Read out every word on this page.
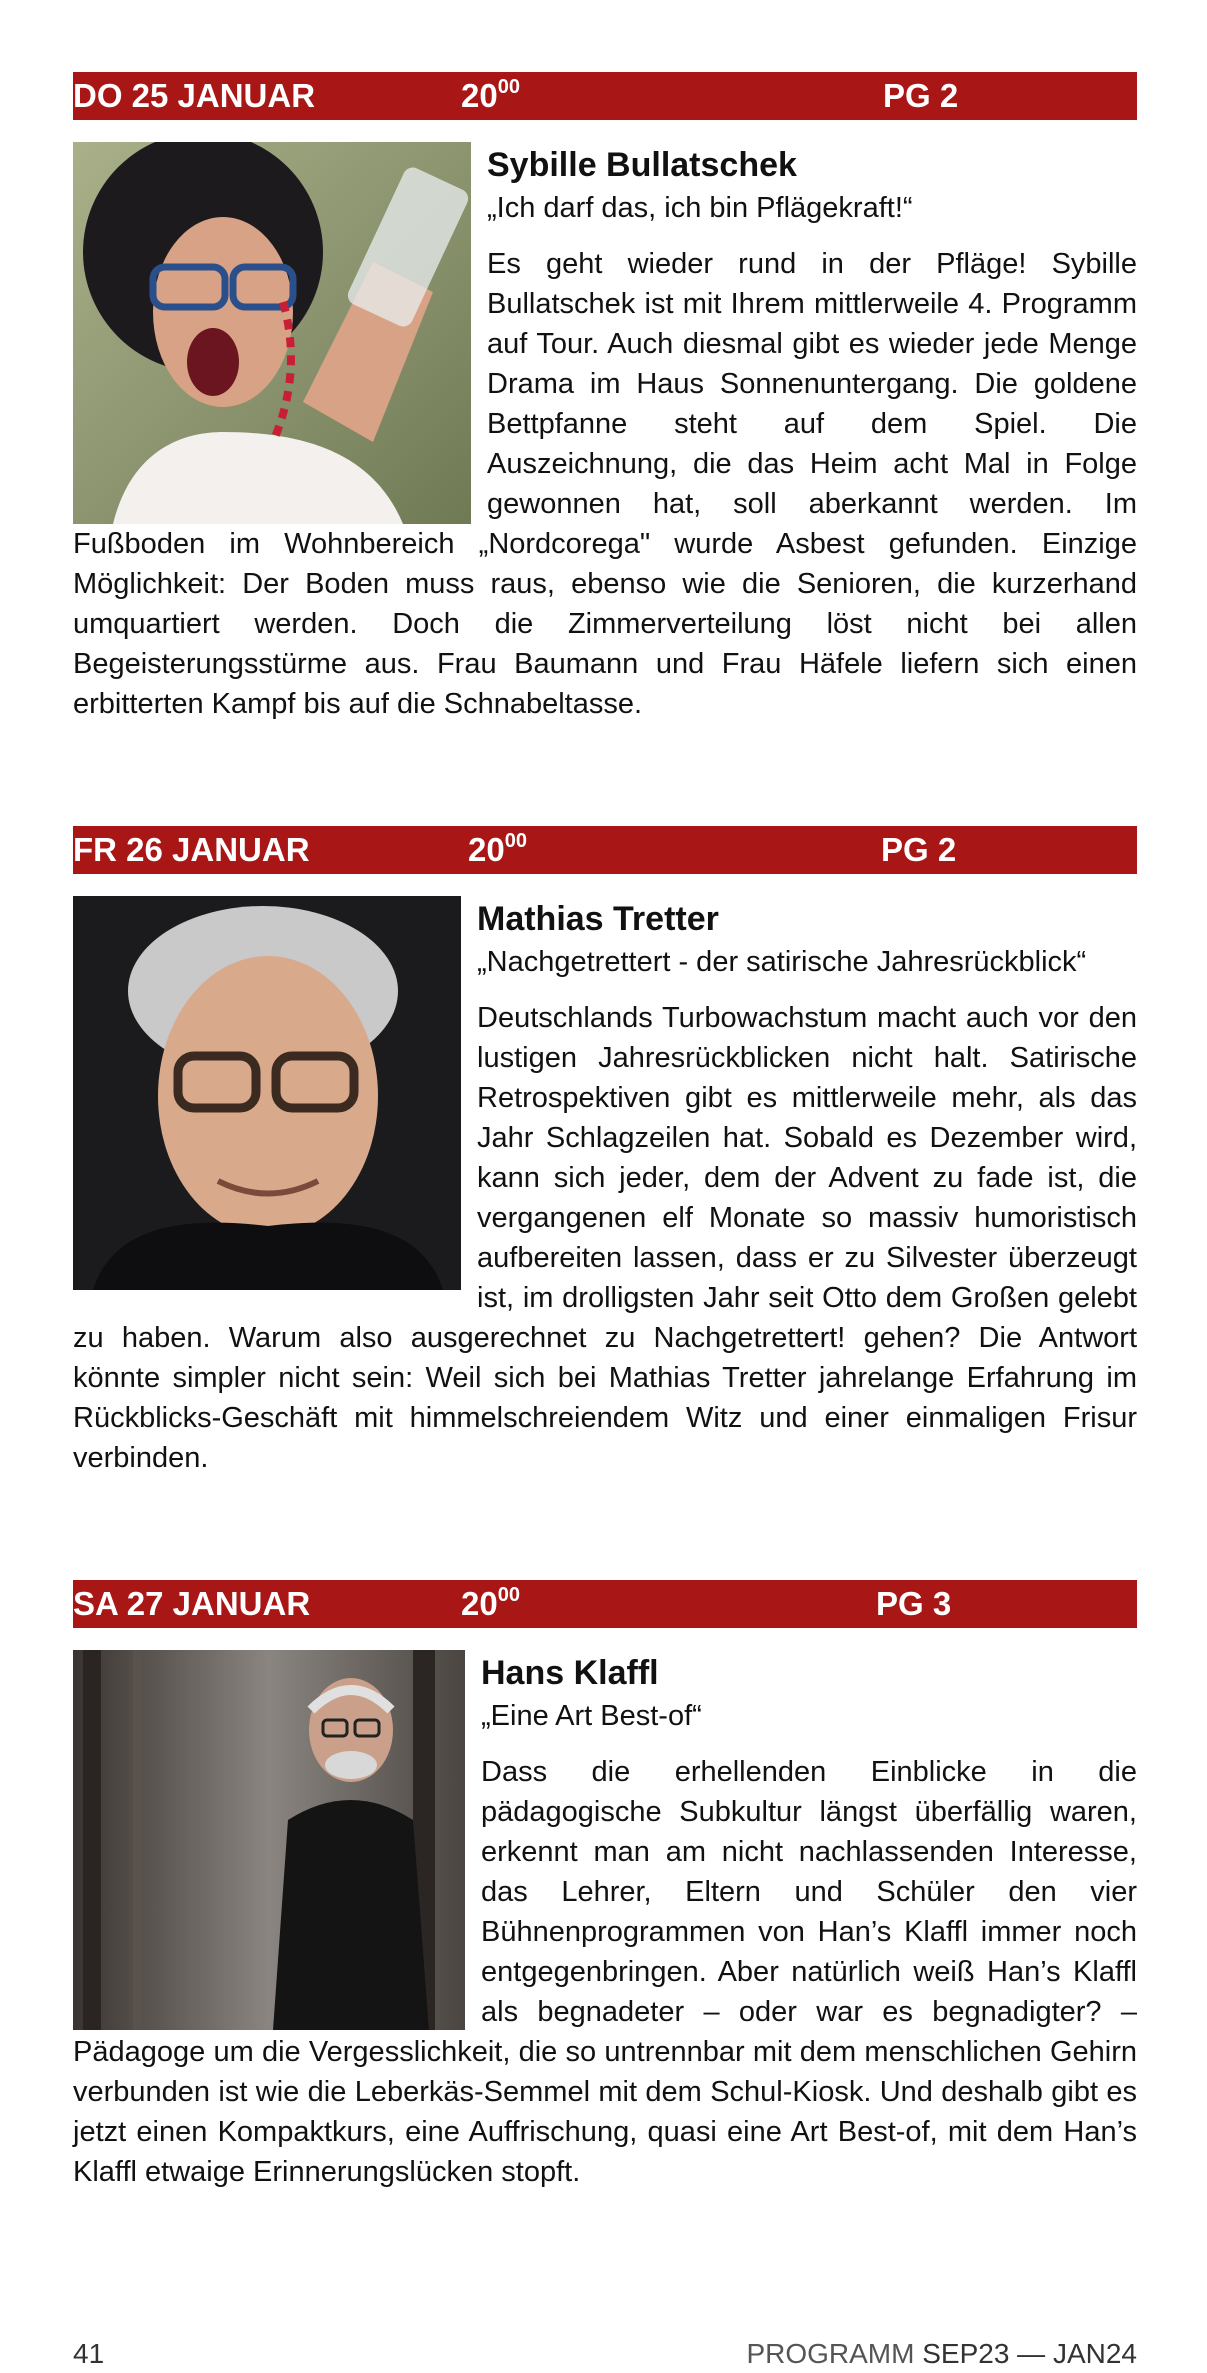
DO 25 JANUAR	$20^{00}$	PG 2
Sybille Bullatschek
„Ich darf das, ich bin Pflägekraft!“

Es geht wieder rund in der Pfläge! Sybille Bullatschek ist mit Ihrem mittlerweile 4. Programm auf Tour. Auch diesmal gibt es wieder jede Menge Drama im Haus Sonnenuntergang. Die goldene Bettpfanne steht auf dem Spiel. Die Auszeichnung, die das Heim acht Mal in Folge gewonnen hat, soll aberkannt werden. Im Fußboden im Wohnbereich „Nordcorega" wurde Asbest gefunden. Einzige Möglichkeit: Der Boden muss raus, ebenso wie die Senioren, die kurzerhand umquartiert werden. Doch die Zimmerverteilung löst nicht bei allen Begeisterungsstürme aus. Frau Baumann und Frau Häfele liefern sich einen erbitterten Kampf bis auf die Schnabeltasse.

FR 26 JANUAR	$20^{00}$	PG 2
Mathias Tretter
„Nachgetrettert - der satirische Jahresrückblick“

Deutschlands Turbowachstum macht auch vor den lustigen Jahresrückblicken nicht halt. Satirische Retrospektiven gibt es mittlerweile mehr, als das Jahr Schlagzeilen hat. Sobald es Dezember wird, kann sich jeder, dem der Advent zu fade ist, die vergangenen elf Monate so massiv humoristisch aufbereiten lassen, dass er zu Silvester überzeugt ist, im drolligsten Jahr seit Otto dem Großen gelebt zu haben. Warum also ausgerechnet zu Nachgetrettert! gehen? Die Antwort könnte simpler nicht sein: Weil sich bei Mathias Tretter jahrelange Erfahrung im Rückblicks-Geschäft mit himmelschreiendem Witz und einer einmaligen Frisur verbinden.

SA 27 JANUAR	$20^{00}$	PG 3
Hans Klaffl
„Eine Art Best-of“

Dass die erhellenden Einblicke in die pädagogische Subkultur längst überfällig waren, erkennt man am nicht nachlassenden Interesse, das Lehrer, Eltern und Schüler den vier Bühnenprogrammen von Han’s Klaffl immer noch entgegenbringen. Aber natürlich weiß Han’s Klaffl als begnadeter – oder war es begnadigter? – Pädagoge um die Vergesslichkeit, die so untrennbar mit dem menschlichen Gehirn verbunden ist wie die Leberkäs-Semmel mit dem Schul-Kiosk. Und deshalb gibt es jetzt einen Kompaktkurs, eine Auffrischung, quasi eine Art Best-of, mit dem Han’s Klaffl etwaige Erinnerungslücken stopft.

41	PROGRAMM SEP23 — JAN24
